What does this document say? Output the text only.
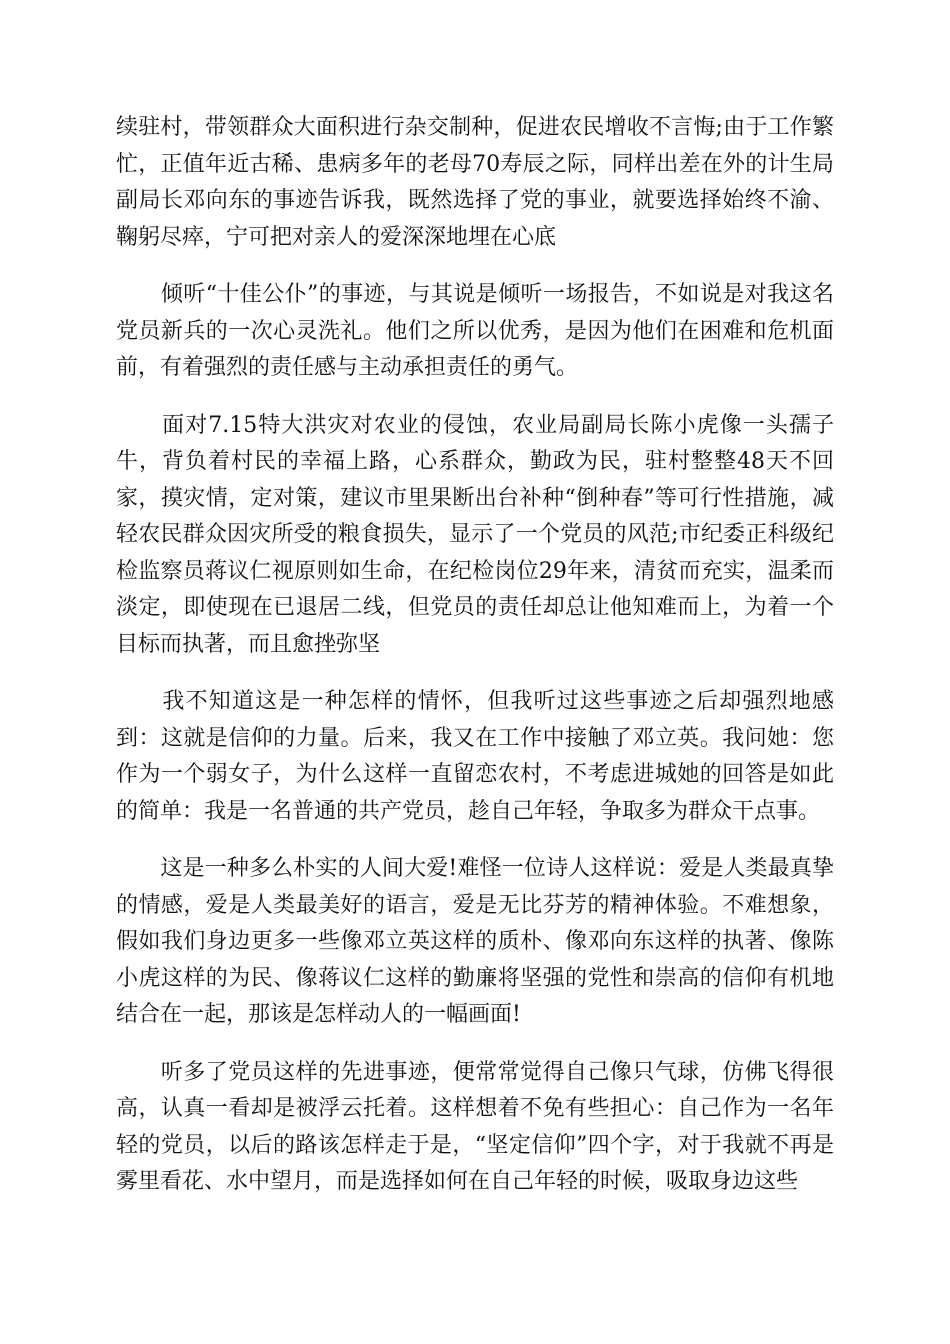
续驻村，带领群众大面积进行杂交制种，促进农民增收不言悔;由于工作繁忙，正值年近古稀、患病多年的老母70寿辰之际，同样出差在外的计生局副局长邓向东的事迹告诉我，既然选择了党的事业，就要选择始终不渝、鞠躬尽瘁，宁可把对亲人的爱深深地埋在心底

　　倾听“十佳公仆”的事迹，与其说是倾听一场报告，不如说是对我这名党员新兵的一次心灵洗礼。他们之所以优秀，是因为他们在困难和危机面前，有着强烈的责任感与主动承担责任的勇气。

　　面对7.15特大洪灾对农业的侵蚀，农业局副局长陈小虎像一头孺子牛，背负着村民的幸福上路，心系群众，勤政为民，驻村整整48天不回家，摸灾情，定对策，建议市里果断出台补种“倒种春”等可行性措施，减轻农民群众因灾所受的粮食损失，显示了一个党员的风范;市纪委正科级纪检监察员蒋议仁视原则如生命，在纪检岗位29年来，清贫而充实，温柔而淡定，即使现在已退居二线，但党员的责任却总让他知难而上，为着一个目标而执著，而且愈挫弥坚

　　我不知道这是一种怎样的情怀，但我听过这些事迹之后却强烈地感到：这就是信仰的力量。后来，我又在工作中接触了邓立英。我问她：您作为一个弱女子，为什么这样一直留恋农村，不考虑进城她的回答是如此的简单：我是一名普通的共产党员，趁自己年轻，争取多为群众干点事。

　　这是一种多么朴实的人间大爱!难怪一位诗人这样说：爱是人类最真挚的情感，爱是人类最美好的语言，爱是无比芬芳的精神体验。不难想象，假如我们身边更多一些像邓立英这样的质朴、像邓向东这样的执著、像陈小虎这样的为民、像蒋议仁这样的勤廉将坚强的党性和崇高的信仰有机地结合在一起，那该是怎样动人的一幅画面!

　　听多了党员这样的先进事迹，便常常觉得自己像只气球，仿佛飞得很高，认真一看却是被浮云托着。这样想着不免有些担心：自己作为一名年轻的党员，以后的路该怎样走于是，“坚定信仰”四个字，对于我就不再是雾里看花、水中望月，而是选择如何在自己年轻的时候，吸取身边这些
